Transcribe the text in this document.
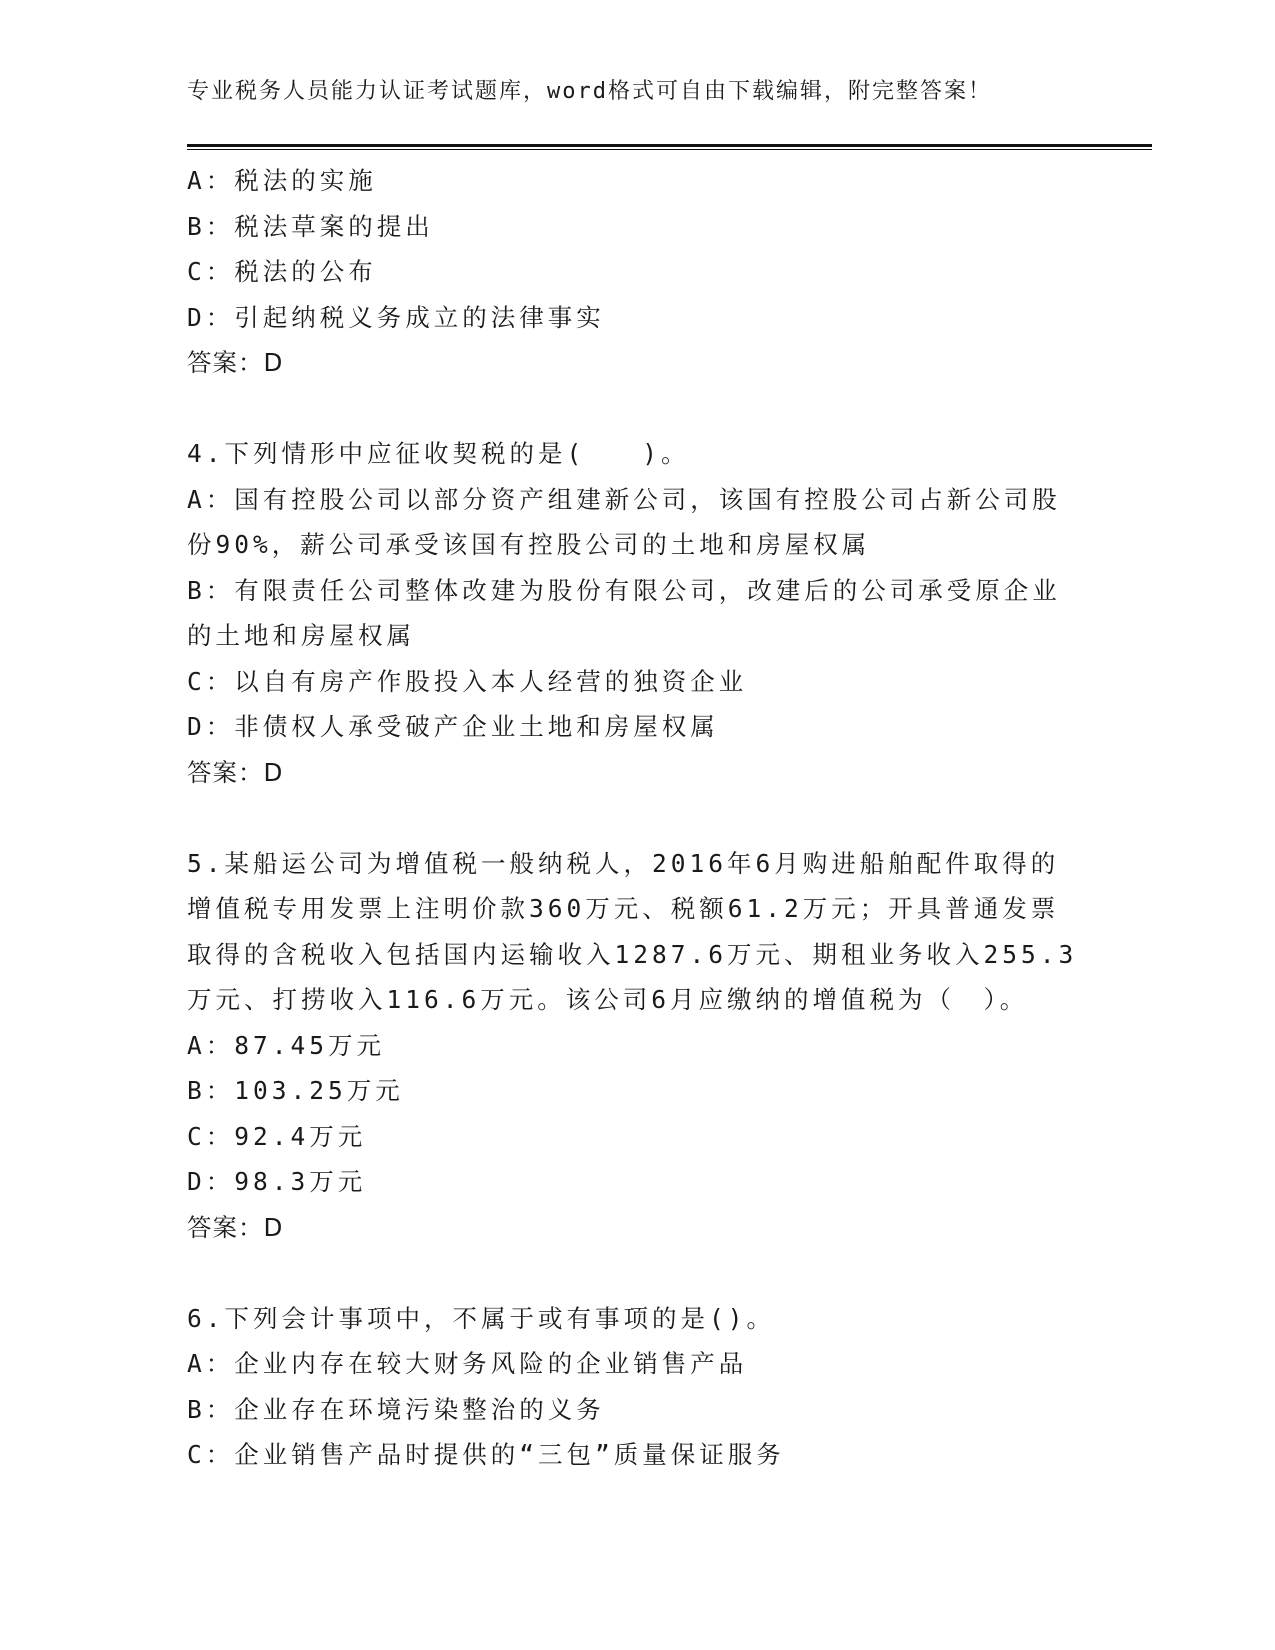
专业税务人员能力认证考试题库，word格式可自由下载编辑，附完整答案！
A：税法的实施
B：税法草案的提出
C：税法的公布
D：引起纳税义务成立的法律事实
答案：D
4.下列情形中应征收契税的是(　　)。
A：国有控股公司以部分资产组建新公司，该国有控股公司占新公司股
份90%，薪公司承受该国有控股公司的土地和房屋权属
B：有限责任公司整体改建为股份有限公司，改建后的公司承受原企业
的土地和房屋权属
C：以自有房产作股投入本人经营的独资企业
D：非债权人承受破产企业土地和房屋权属
答案：D
5.某船运公司为增值税一般纳税人，2016年6月购进船舶配件取得的
增值税专用发票上注明价款360万元、税额61.2万元；开具普通发票
取得的含税收入包括国内运输收入1287.6万元、期租业务收入255.3
万元、打捞收入116.6万元。该公司6月应缴纳的增值税为（　）。
A：87.45万元
B：103.25万元
C：92.4万元
D：98.3万元
答案：D
6.下列会计事项中，不属于或有事项的是()。
A：企业内存在较大财务风险的企业销售产品
B：企业存在环境污染整治的义务
C：企业销售产品时提供的“三包”质量保证服务
